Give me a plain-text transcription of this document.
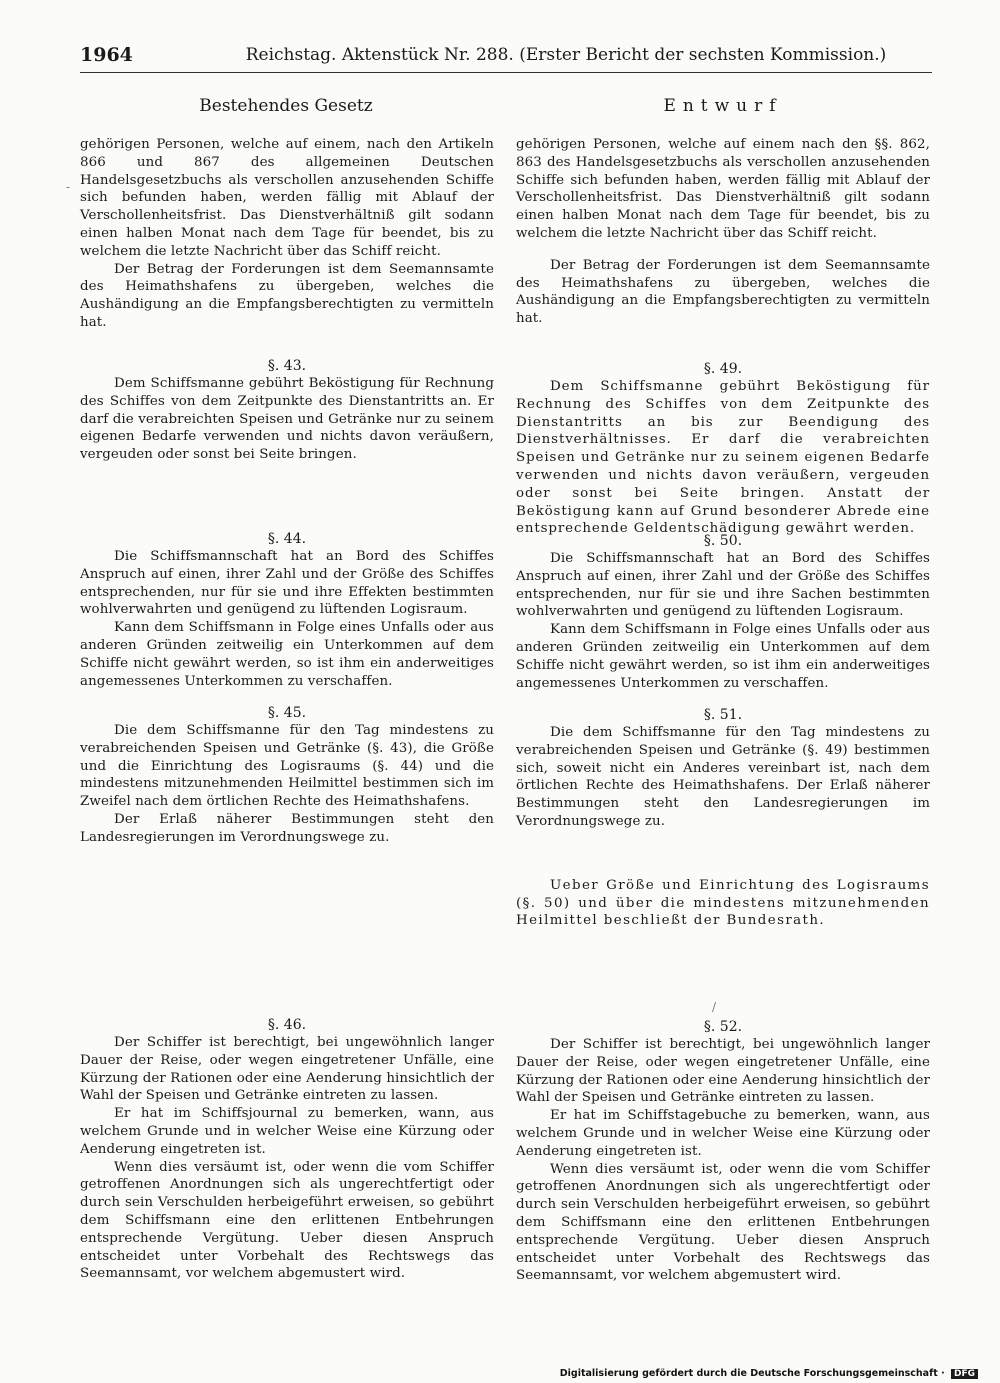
1964	Reichstag. Aktenstück Nr. 288. (Erster Bericht der sechsten Kommission.)
Bestehendes Gesetz	Entwurf

gehörigen Personen, welche auf einem, nach den Artikeln 866 und 867 des allgemeinen Deutschen Handelsgesetzbuchs als verschollen anzusehenden Schiffe sich befunden haben, werden fällig mit Ablauf der Verschollenheitsfrist. Das Dienstverhältniß gilt sodann einen halben Monat nach dem Tage für beendet, bis zu welchem die letzte Nachricht über das Schiff reicht.

Der Betrag der Forderungen ist dem Seemannsamte des Heimathshafens zu übergeben, welches die Aushändigung an die Empfangsberechtigten zu vermitteln hat.

§. 43.

Dem Schiffsmanne gebührt Beköstigung für Rechnung des Schiffes von dem Zeitpunkte des Dienstantritts an. Er darf die verabreichten Speisen und Getränke nur zu seinem eigenen Bedarfe verwenden und nichts davon veräußern, vergeuden oder sonst bei Seite bringen.

§. 44.

Die Schiffsmannschaft hat an Bord des Schiffes Anspruch auf einen, ihrer Zahl und der Größe des Schiffes entsprechenden, nur für sie und ihre Effekten bestimmten wohlverwahrten und genügend zu lüftenden Logisraum.

Kann dem Schiffsmann in Folge eines Unfalls oder aus anderen Gründen zeitweilig ein Unterkommen auf dem Schiffe nicht gewährt werden, so ist ihm ein anderweitiges angemessenes Unterkommen zu verschaffen.

§. 45.

Die dem Schiffsmanne für den Tag mindestens zu verabreichenden Speisen und Getränke (§. 43), die Größe und die Einrichtung des Logisraums (§. 44) und die mindestens mitzunehmenden Heilmittel bestimmen sich im Zweifel nach dem örtlichen Rechte des Heimathshafens.

Der Erlaß näherer Bestimmungen steht den Landesregierungen im Verordnungswege zu.

§. 46.

Der Schiffer ist berechtigt, bei ungewöhnlich langer Dauer der Reise, oder wegen eingetretener Unfälle, eine Kürzung der Rationen oder eine Aenderung hinsichtlich der Wahl der Speisen und Getränke eintreten zu lassen.

Er hat im Schiffsjournal zu bemerken, wann, aus welchem Grunde und in welcher Weise eine Kürzung oder Aenderung eingetreten ist.

Wenn dies versäumt ist, oder wenn die vom Schiffer getroffenen Anordnungen sich als ungerechtfertigt oder durch sein Verschulden herbeigeführt erweisen, so gebührt dem Schiffsmann eine den erlittenen Entbehrungen entsprechende Vergütung. Ueber diesen Anspruch entscheidet unter Vorbehalt des Rechtswegs das Seemannsamt, vor welchem abgemustert wird.

gehörigen Personen, welche auf einem nach den §§. 862, 863 des Handelsgesetzbuchs als verschollen anzusehenden Schiffe sich befunden haben, werden fällig mit Ablauf der Verschollenheitsfrist. Das Dienstverhältniß gilt sodann einen halben Monat nach dem Tage für beendet, bis zu welchem die letzte Nachricht über das Schiff reicht.

Der Betrag der Forderungen ist dem Seemannsamte des Heimathshafens zu übergeben, welches die Aushändigung an die Empfangsberechtigten zu vermitteln hat.

§. 49.

Dem Schiffsmanne gebührt Beköstigung für Rechnung des Schiffes von dem Zeitpunkte des Dienstantritts an bis zur Beendigung des Dienstverhältnisses. Er darf die verabreichten Speisen und Getränke nur zu seinem eigenen Bedarfe verwenden und nichts davon veräußern, vergeuden oder sonst bei Seite bringen. Anstatt der Beköstigung kann auf Grund besonderer Abrede eine entsprechende Geldentschädigung gewährt werden.

§. 50.

Die Schiffsmannschaft hat an Bord des Schiffes Anspruch auf einen, ihrer Zahl und der Größe des Schiffes entsprechenden, nur für sie und ihre Sachen bestimmten wohlverwahrten und genügend zu lüftenden Logisraum.

Kann dem Schiffsmann in Folge eines Unfalls oder aus anderen Gründen zeitweilig ein Unterkommen auf dem Schiffe nicht gewährt werden, so ist ihm ein anderweitiges angemessenes Unterkommen zu verschaffen.

§. 51.

Die dem Schiffsmanne für den Tag mindestens zu verabreichenden Speisen und Getränke (§. 49) bestimmen sich, soweit nicht ein Anderes vereinbart ist, nach dem örtlichen Rechte des Heimathshafens. Der Erlaß näherer Bestimmungen steht den Landesregierungen im Verordnungswege zu.

Ueber Größe und Einrichtung des Logisraums (§. 50) und über die mindestens mitzunehmenden Heilmittel beschließt der Bundesrath.

§. 52.

Der Schiffer ist berechtigt, bei ungewöhnlich langer Dauer der Reise, oder wegen eingetretener Unfälle, eine Kürzung der Rationen oder eine Aenderung hinsichtlich der Wahl der Speisen und Getränke eintreten zu lassen.

Er hat im Schiffstagebuche zu bemerken, wann, aus welchem Grunde und in welcher Weise eine Kürzung oder Aenderung eingetreten ist.

Wenn dies versäumt ist, oder wenn die vom Schiffer getroffenen Anordnungen sich als ungerechtfertigt oder durch sein Verschulden herbeigeführt erweisen, so gebührt dem Schiffsmann eine den erlittenen Entbehrungen entsprechende Vergütung. Ueber diesen Anspruch entscheidet unter Vorbehalt des Rechtswegs das Seemannsamt, vor welchem abgemustert wird.

-
/
Digitalisierung gefördert durch die Deutsche Forschungsgemeinschaft · DFG
